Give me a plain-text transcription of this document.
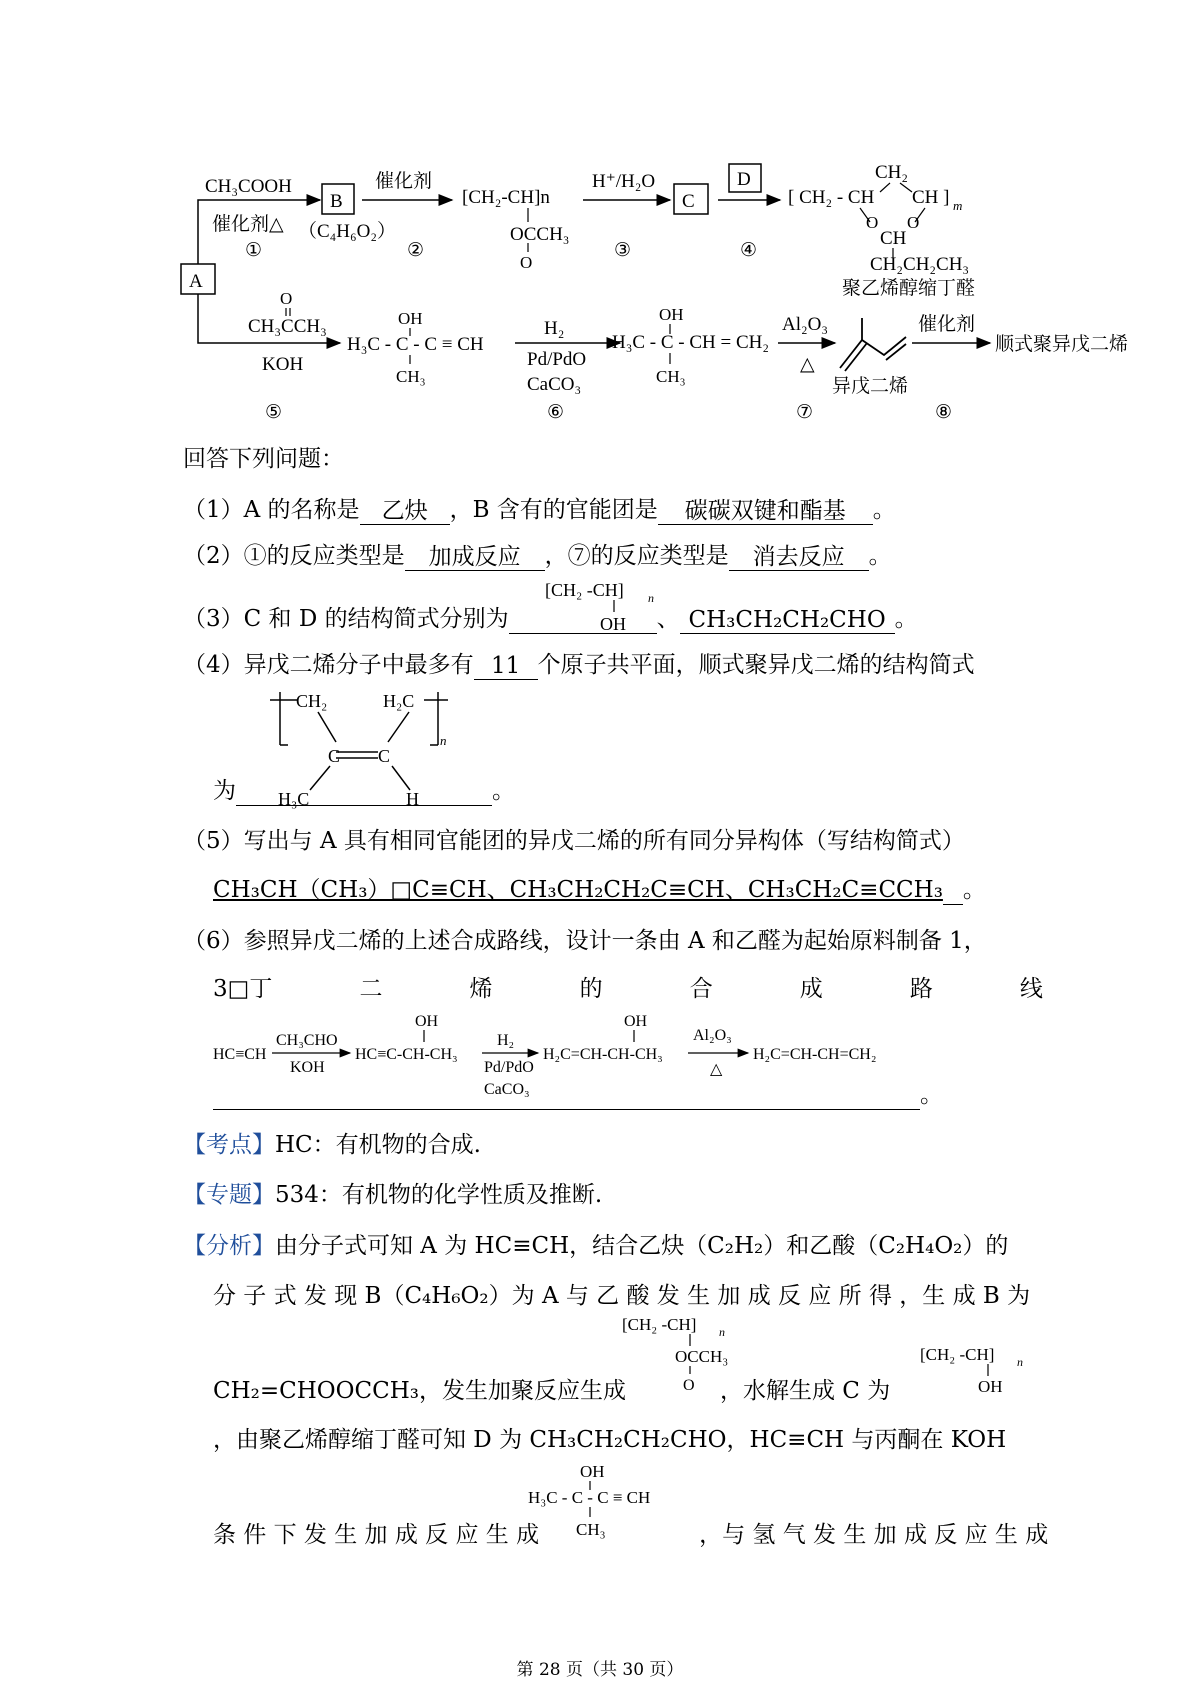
A
CH₃COOH
催化剂△
①
B
（C₄H₆O₂）
②
催化剂
[CH₂-CH]n
OCCH₃
O
H⁺/H₂O
③
C
D
④
[ CH₂ - CH
CH₂
CH ] m
O O
CH
CH₂CH₂CH₃
聚乙烯醇缩丁醛
O
CH₃CCH₃
KOH
⑤
OH
H₃C - C - C ≡ CH
CH₃
H₂
Pd/PdO
CaCO₃
⑥
OH
H₃C - C - CH = CH₂
CH₃
Al₂O₃
△
⑦
异戊二烯
催化剂
⑧
顺式聚异戊二烯
回答下列问题：
（1）A 的名称是 乙炔 ，B 含有的官能团是 碳碳双键和酯基 。
（2）①的反应类型是 加成反应 ，⑦的反应类型是 消去反应 。
[CH₂ -CH] n
OH
（3）C 和 D 的结构简式分别为	、 CH₃CH₂CH₂CHO 。
（4）异戊二烯分子中最多有 11 个原子共平面，顺式聚异戊二烯的结构简式
CH₂	H₂C
C C
n
H₃C	H
为	。
（5）写出与 A 具有相同官能团的异戊二烯的所有同分异构体（写结构简式）
CH₃CH（CH₃）□C≡CH、CH₃CH₂CH₂C≡CH、CH₃CH₂C≡CCH₃ 。
（6）参照异戊二烯的上述合成路线，设计一条由 A 和乙醛为起始原料制备 1，
3□丁	二	烯	的	合	成	路	线
HC≡CH
CH₃CHO
KOH
OH
HC≡C-CH-CH₃
H₂
Pd/PdO
CaCO₃
OH
H₂C=CH-CH-CH₃
Al₂O₃
△
H₂C=CH-CH=CH₂
。
【考点】HC：有机物的合成.
【专题】534：有机物的化学性质及推断.
【分析】由分子式可知 A 为 HC≡CH，结合乙炔（C₂H₂）和乙酸（C₂H₄O₂）的
分 子 式 发 现 B（C₄H₆O₂）为 A 与 乙 酸 发 生 加 成 反 应 所 得 ，生 成 B 为
[CH₂ -CH] n
OCCH₃
O
[CH₂ -CH] n
OH
OH
H₃C - C - C ≡ CH
CH₃
CH₂=CHOOCCH₃，发生加聚反应生成	，水解生成 C 为
，由聚乙烯醇缩丁醛可知 D 为 CH₃CH₂CH₂CHO，HC≡CH 与丙酮在 KOH
条 件 下 发 生 加 成 反 应 生 成	，与 氢 气 发 生 加 成 反 应 生 成
第 28 页（共 30 页）
